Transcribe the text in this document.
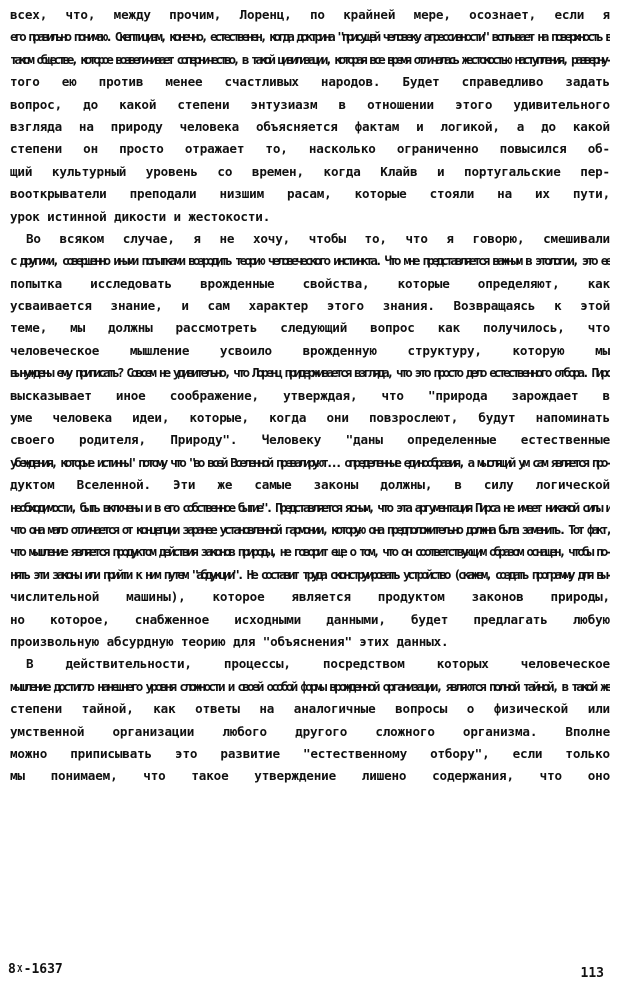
всех, что, между прочим, Лоренц, по крайней мере, осознает, если я
его правильно понимаю. Скептицизм, конечно, естественен, когда доктрина "присущей человеку агрессивности" всплывает на поверхность в
таком обществе, которое возвеличивает соперничество, в такой цивилизации, которая все время отличалась жестокостью наступления, разверну-
того ею против менее счастливых народов. Будет справедливо задать
вопрос, до какой степени энтузиазм в отношении этого удивительного
взгляда на природу человека объясняется фактам и логикой, а до какой
степени он просто отражает то, насколько ограниченно повысился об-
щий культурный уровень со времен, когда Клайв и португальские пер-
вооткрыватели преподали низшим расам, которые стояли на их пути,
урок истинной дикости и жестокости.
Во всяком случае, я не хочу, чтобы то, что я говорю, смешивали
с другими, совершенно иными попытками возродить теорию человеческого инстинкта. Что мне представляется важным в этологии, это ее
попытка исследовать врожденные свойства, которые определяют, как
усваивается знание, и сам характер этого знания. Возвращаясь к этой
теме, мы должны рассмотреть следующий вопрос как получилось, что
человеческое мышление усвоило врожденную структуру, которую мы
вынуждены ему приписать? Совсем не удивительно, что Лоренц придерживается взгляда, что это просто дело естественного отбора. Пирс
высказывает иное соображение, утверждая, что "природа зарождает в
уме человека идеи, которые, когда они повзрослеют, будут напоминать
своего родителя, Природу". Человеку "даны определенные естественные
убеждения, которые истинны" потому что "во всей Вселенной превалируют... определенные единообразия, а мыслящий ум сам является про-
дуктом Вселенной. Эти же самые законы должны, в силу логической
необходимости, быть включены и в его собственное бытие". Представляется ясным, что эта аргументация Пирса не имеет никакой силы и
что она мало отличается от концепции заранее установленной гармонии, которую она предположительно должна была заменить. Тот факт,
что мышление является продуктом действия законов природы, не говорит еще о том, что он соответствующим образом оснащен, чтобы по-
нять эти законы или прийти к ним путем "абдукции". Не составит труда сконструировать устройство (скажем, создать программу для вы-
числительной машины), которое является продуктом законов природы,
но которое, снабженное исходными данными, будет предлагать любую
произвольную абсурдную теорию для "объяснения" этих данных.
В действительности, процессы, посредством которых человеческое
мышление достигло нанешнего уровня сложности и своей особой формы врожденной организации, являются полной тайной, в такой же
степени тайной, как ответы на аналогичные вопросы о физической или
умственной организации любого другого сложного организма. Вполне
можно приписывать это развитие "естественному отбору", если только
мы понимаем, что такое утверждение лишено содержания, что оно
8ᵡ-1637	113
